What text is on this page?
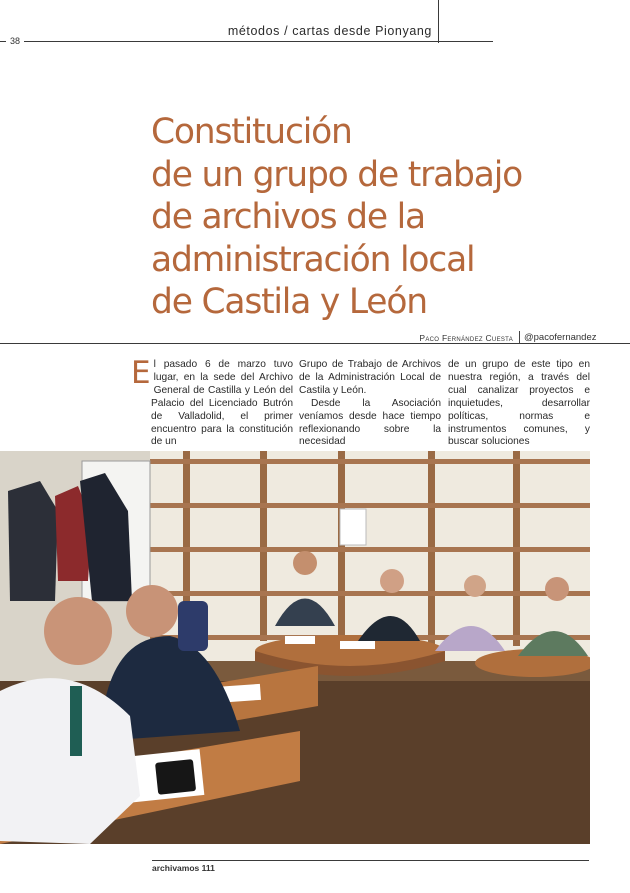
métodos / cartas desde Pionyang
38
Constitución
de un grupo de trabajo
de archivos de la
administración local
de Castila y León
Paco Fernández Cuesta @pacofernandez

El pasado 6 de marzo tuvo lugar, en la sede del Archivo General de Castilla y León del Palacio del Licenciado Butrón de Valladolid, el primer encuentro para la constitución de un

Grupo de Trabajo de Archivos de la Administración Local de Castila y León.

Desde la Asociación veníamos desde hace tiempo reflexionando sobre la necesidad

de un grupo de este tipo en nuestra región, a través del cual canalizar proyectos e inquietudes, desarrollar políticas, normas e instrumentos comunes, y buscar soluciones

archivamos 111
